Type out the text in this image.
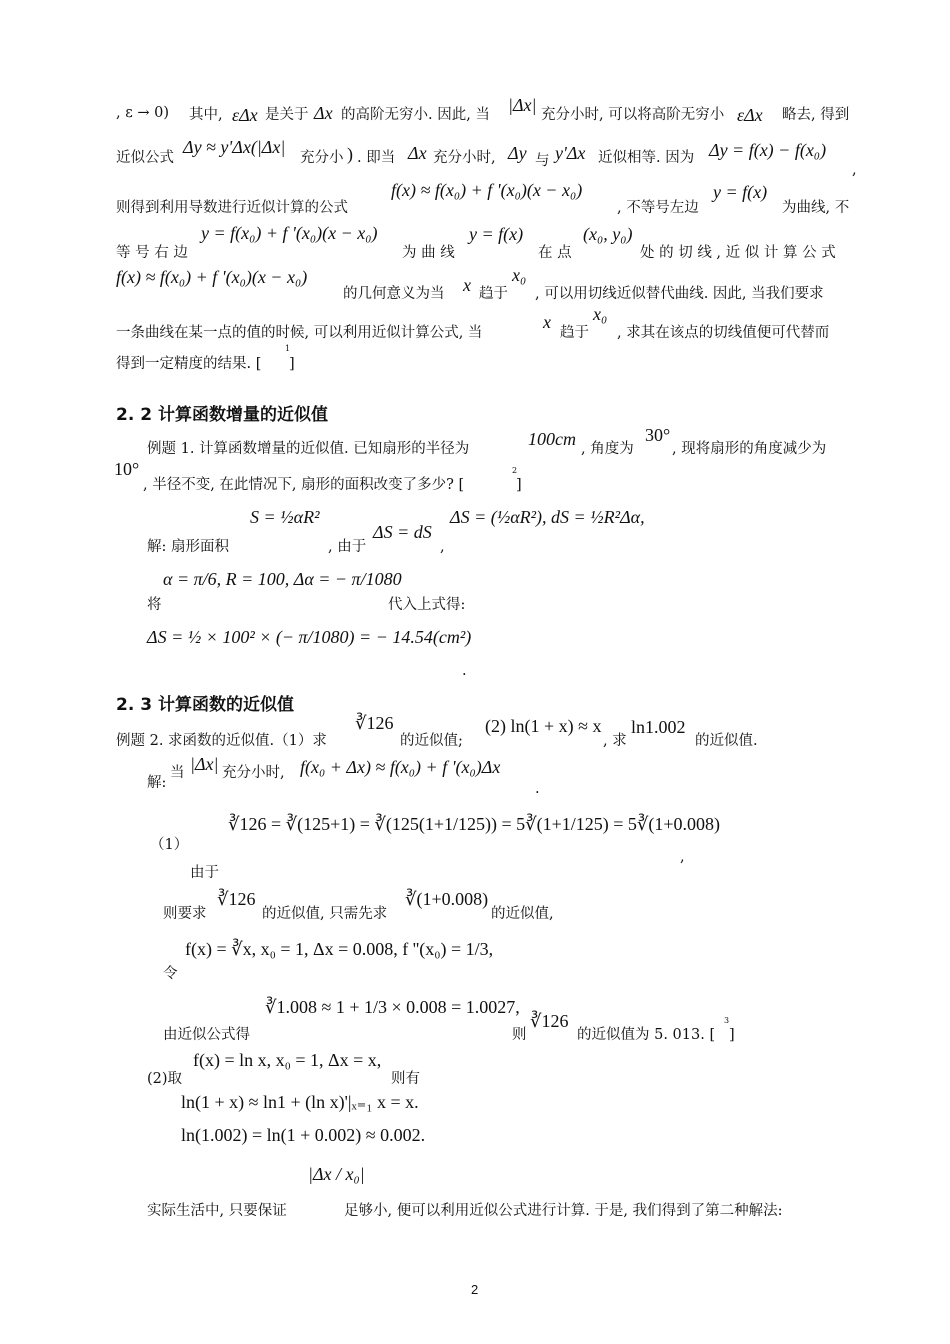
, ε → 0) 其中, εΔx 是关于 Δx 的高阶无穷小. 因此, 当 |Δx| 充分小时, 可以将高阶无穷小 εΔx 略去, 得到
近似公式
Δy ≈ y'Δx(|Δx|
充分小 ) . 即当 Δx 充分小时, Δy 与 y'Δx 近似相等. 因为 Δy = f(x) − f(x₀)
,
则得到利用导数进行近似计算的公式
f(x) ≈ f(x₀) + f '(x₀)(x − x₀)
, 不等号左边
y = f(x)
为曲线, 不
等 号 右 边
y = f(x₀) + f '(x₀)(x − x₀)
为 曲 线
y = f(x)
在 点
(x₀, y₀)
处 的 切 线 , 近 似 计 算 公 式
f(x) ≈ f(x₀) + f '(x₀)(x − x₀)
的几何意义为当 x 趋于
x₀
, 可以用切线近似替代曲线. 因此, 当我们要求
一条曲线在某一点的值的时候, 可以利用近似计算公式, 当
x
趋于
x₀
, 求其在该点的切线值便可代替而
得到一定精度的结果. [
1
]
2. 2 计算函数增量的近似值
例题 1. 计算函数增量的近似值. 已知扇形的半径为	100cm , 角度为
30°
, 现将扇形的角度减少为
10°
, 半径不变, 在此情况下, 扇形的面积改变了多少? [
2
]
解: 扇形面积
S = ½αR²
, 由于
ΔS = dS
,
ΔS = (½αR²), dS = ½R²Δα,
将
α = π/6, R = 100, Δα = − π/1080
代入上式得:
ΔS = ½ × 100² × (− π/1080) = − 14.54(cm²)
.
2. 3 计算函数的近似值
例题 2. 求函数的近似值.（1）求
∛126
的近似值;
(2) ln(1 + x) ≈ x
, 求
ln1.002
的近似值.
解:
当 |Δx| 充分小时, f(x₀ + Δx) ≈ f(x₀) + f '(x₀)Δx
.
（1）
∛126 = ∛(125+1) = ∛(125(1+1/125)) = 5∛(1+1/125) = 5∛(1+0.008)
,
由于
则要求
∛126
的近似值, 只需先求
∛(1+0.008)
的近似值,
f(x) = ∛x, x₀ = 1, Δx = 0.008, f ''(x₀) = 1/3,
令
∛1.008 ≈ 1 + 1/3 × 0.008 = 1.0027,
由近似公式得	则
∛126
的近似值为 5. 013. [
3
]
f(x) = ln x, x₀ = 1, Δx = x,
(2)取	则有
ln(1 + x) ≈ ln1 + (ln x)'|ₓ₌₁ x = x.
ln(1.002) = ln(1 + 0.002) ≈ 0.002.
实际生活中, 只要保证
|Δx / x₀|
足够小, 便可以利用近似公式进行计算. 于是, 我们得到了第二种解法:
2
